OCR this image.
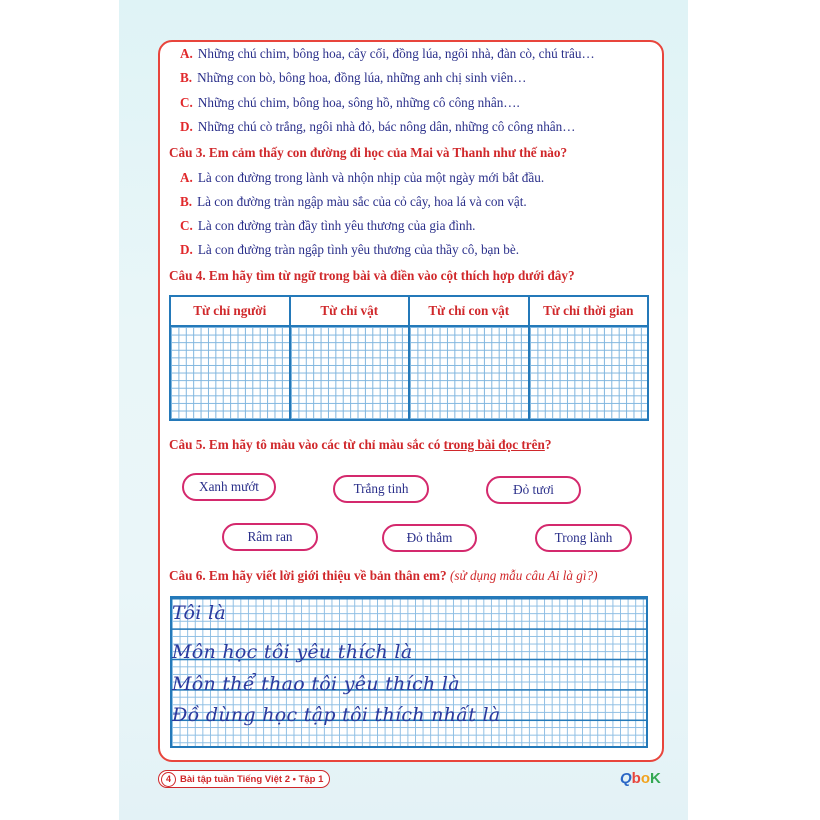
A. Những chú chim, bông hoa, cây cối, đồng lúa, ngôi nhà, đàn cò, chú trâu…
B. Những con bò, bông hoa, đồng lúa, những anh chị sinh viên…
C. Những chú chim, bông hoa, sông hồ, những cô công nhân….
D. Những chú cò trắng, ngôi nhà đỏ, bác nông dân, những cô công nhân…
Câu 3. Em cảm thấy con đường đi học của Mai và Thanh như thế nào?
A. Là con đường trong lành và nhộn nhịp của một ngày mới bắt đầu.
B. Là con đường tràn ngập màu sắc của cỏ cây, hoa lá và con vật.
C. Là con đường tràn đầy tình yêu thương của gia đình.
D. Là con đường tràn ngập tình yêu thương của thầy cô, bạn bè.
Câu 4. Em hãy tìm từ ngữ trong bài và điền vào cột thích hợp dưới đây?
Từ chỉ người	Từ chỉ vật	Từ chỉ con vật	Từ chỉ thời gian

Câu 5. Em hãy tô màu vào các từ chỉ màu sắc có trong bài đọc trên?
Xanh mướt	Trắng tinh	Đỏ tươi
Râm ran	Đỏ thắm	Trong lành
Câu 6. Em hãy viết lời giới thiệu về bản thân em? (sử dụng mẫu câu Ai là gì?)
Tôi là
Môn học tôi yêu thích là
Môn thể thao tôi yêu thích là
Đồ dùng học tập tôi thích nhất là
4 Bài tập tuần Tiếng Việt 2 • Tập 1	QboK
